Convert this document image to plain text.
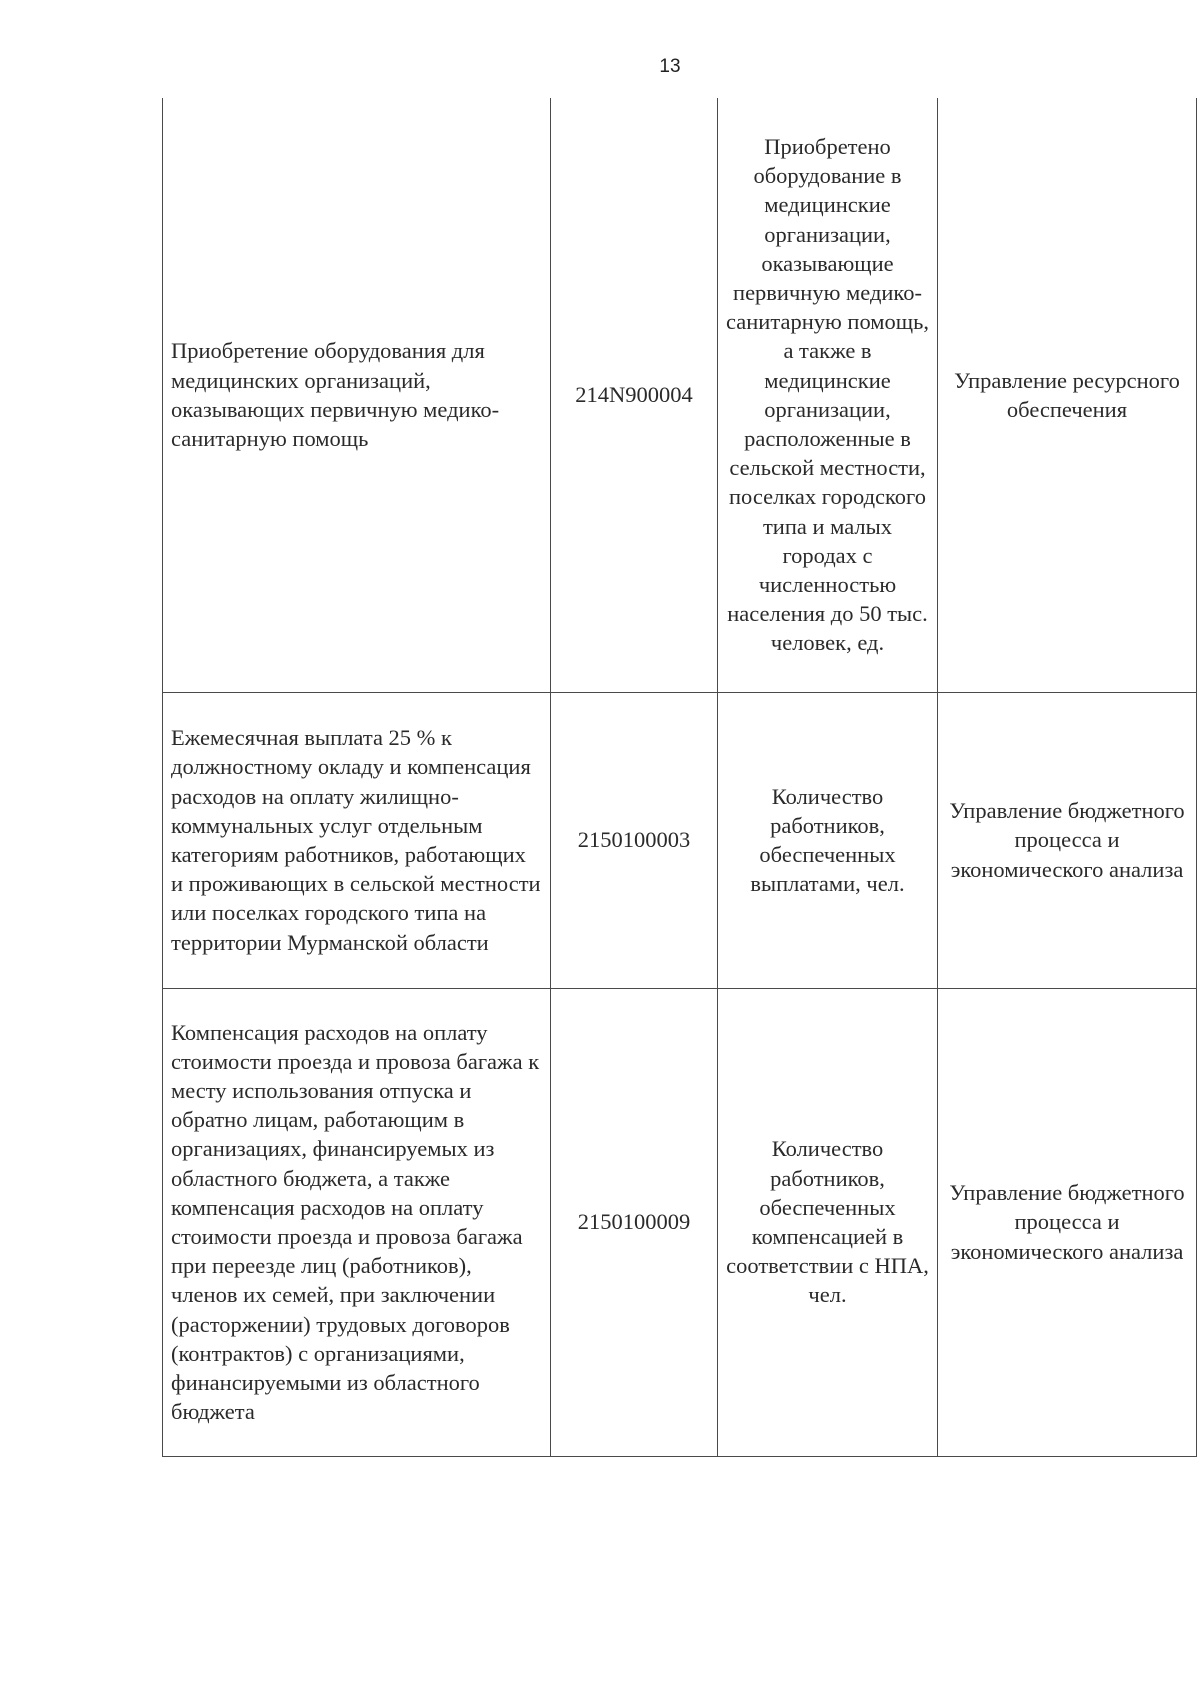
13
Приобретение оборудования для медицинских организаций, оказывающих первичную медико-санитарную помощь	214N900004	Приобретено оборудование в медицинские организации, оказывающие первичную медико-санитарную помощь, а также в медицинские организации, расположенные в сельской местности, поселках городского типа и малых городах с численностью населения до 50 тыс. человек, ед.	Управление ресурсного обеспечения
Ежемесячная выплата 25 % к должностному окладу и компенсация расходов на оплату жилищно-коммунальных услуг отдельным категориям работников, работающих и проживающих в сельской местности или поселках городского типа на территории Мурманской области	2150100003	Количество работников, обеспеченных выплатами, чел.	Управление бюджетного процесса и экономического анализа
Компенсация расходов на оплату стоимости проезда и провоза багажа к месту использования отпуска и обратно лицам, работающим в организациях, финансируемых из областного бюджета, а также компенсация расходов на оплату стоимости проезда и провоза багажа при переезде лиц (работников), членов их семей, при заключении (расторжении) трудовых договоров (контрактов) с организациями, финансируемыми из областного бюджета	2150100009	Количество работников, обеспеченных компенсацией в соответствии с НПА, чел.	Управление бюджетного процесса и экономического анализа
